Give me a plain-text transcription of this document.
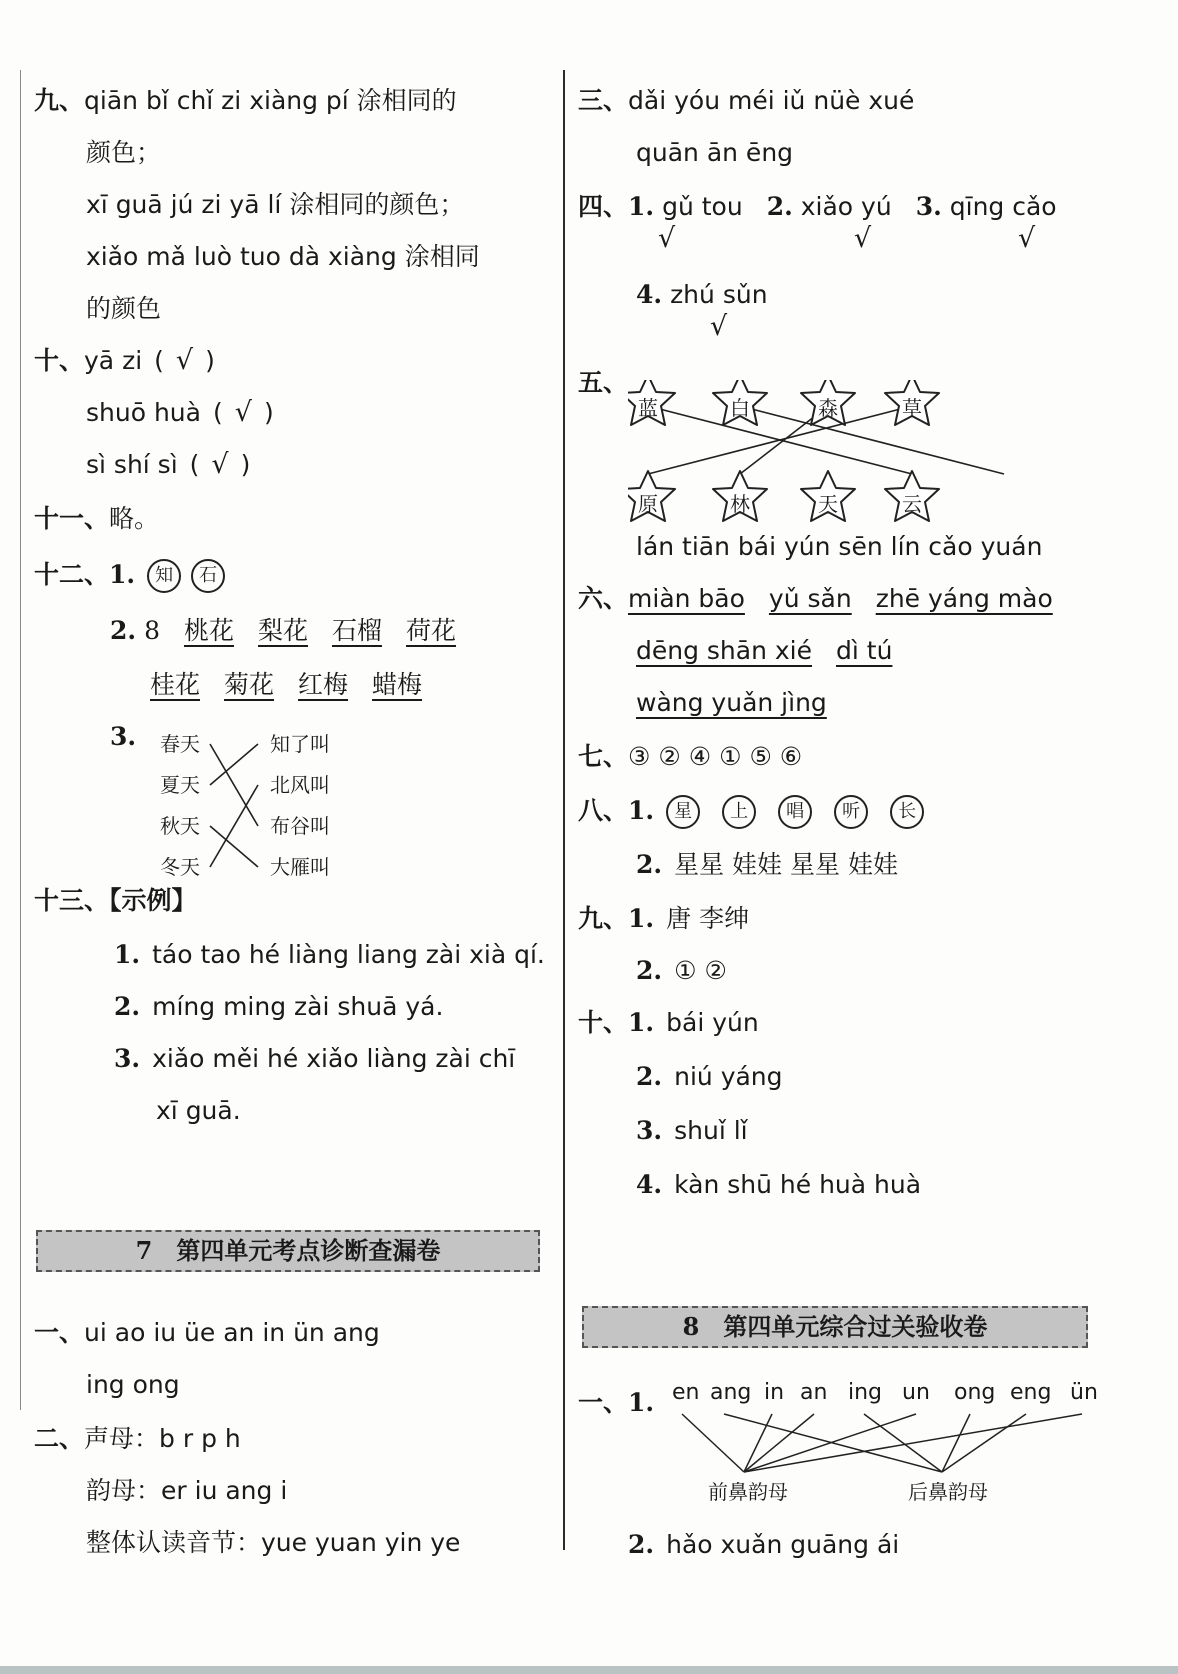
九、qiān bǐ chǐ zi xiàng pí 涂相同的
颜色；
xī guā jú zi yā lí 涂相同的颜色；
xiǎo mǎ luò tuo dà xiàng 涂相同
的颜色
十、yā zi ( √ )
shuō huà ( √ )
sì shí sì ( √ )
十一、略。
十二、1. 知 石
2. 8 桃花 梨花 石榴 荷花
桂花 菊花 红梅 蜡梅
3. 春天
夏天
秋天
冬天
知了叫
北风叫
布谷叫
大雁叫
十三、【示例】
1. táo tao hé liàng liang zài xià qí.
2. míng ming zài shuā yá.
3. xiǎo měi hé xiǎo liàng zài chī
xī guā.
7 第四单元考点诊断查漏卷
一、ui ao iu üe an in ün ang
ing ong
二、声母：b r p h
韵母：er iu ang i
整体认读音节：yue yuan yin ye
三、dǎi yóu méi iǔ nüè xué
quān ān ēng
四、1. gǔ tou 2. xiǎo yú 3. qīng cǎo
√	√	√
4. zhú sǔn
√
五、
蓝	白	森	草
原	林	天	云
lán tiān bái yún sēn lín cǎo yuán
六、miàn bāo yǔ sǎn zhē yáng mào
dēng shān xié dì tú
wàng yuǎn jìng
七、③ ② ④ ① ⑤ ⑥
八、1. 星 上 唱 听 长
2. 星星 娃娃 星星 娃娃
九、1. 唐 李绅
2. ① ②
十、1. bái yún
2. niú yáng
3. shuǐ lǐ
4. kàn shū hé huà huà
8 第四单元综合过关验收卷
一、1. en ang in an ing un ong eng ün
前鼻韵母	后鼻韵母
2. hǎo xuǎn guāng ái
